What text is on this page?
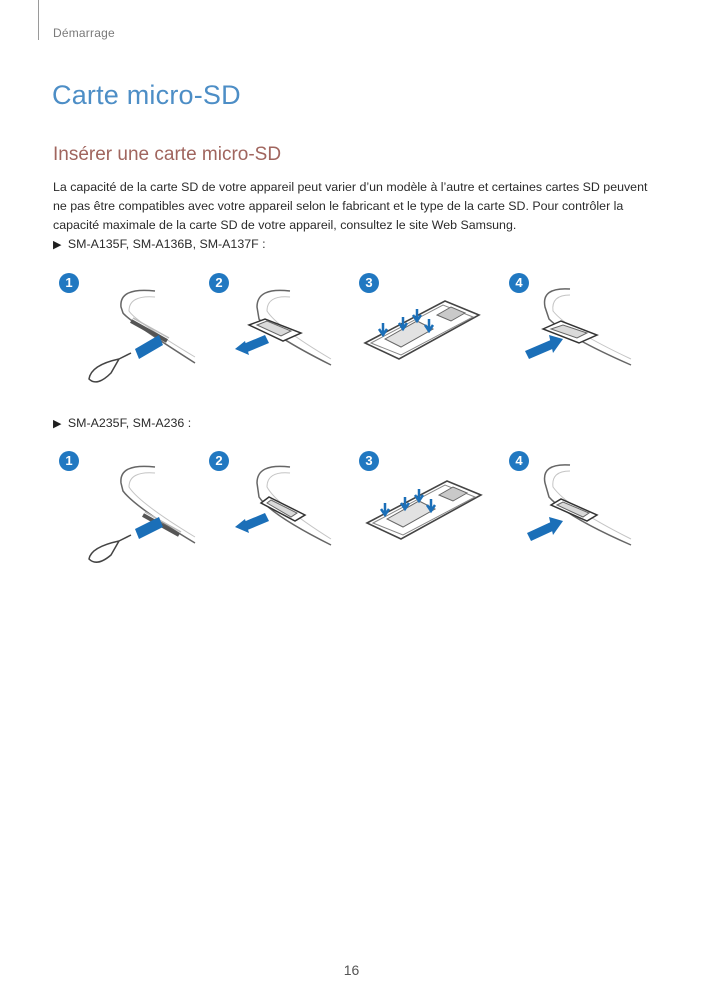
Démarrage
Carte micro-SD
Insérer une carte micro-SD

La capacité de la carte SD de votre appareil peut varier d’un modèle à l’autre et certaines cartes SD peuvent ne pas être compatibles avec votre appareil selon le fabricant et le type de la carte SD. Pour contrôler la capacité maximale de la carte SD de votre appareil, consultez le site Web Samsung.

▶ SM-A135F, SM-A136B, SM-A137F :
1	2	3	4
▶ SM-A235F, SM-A236 :
1	2	3	4
16
